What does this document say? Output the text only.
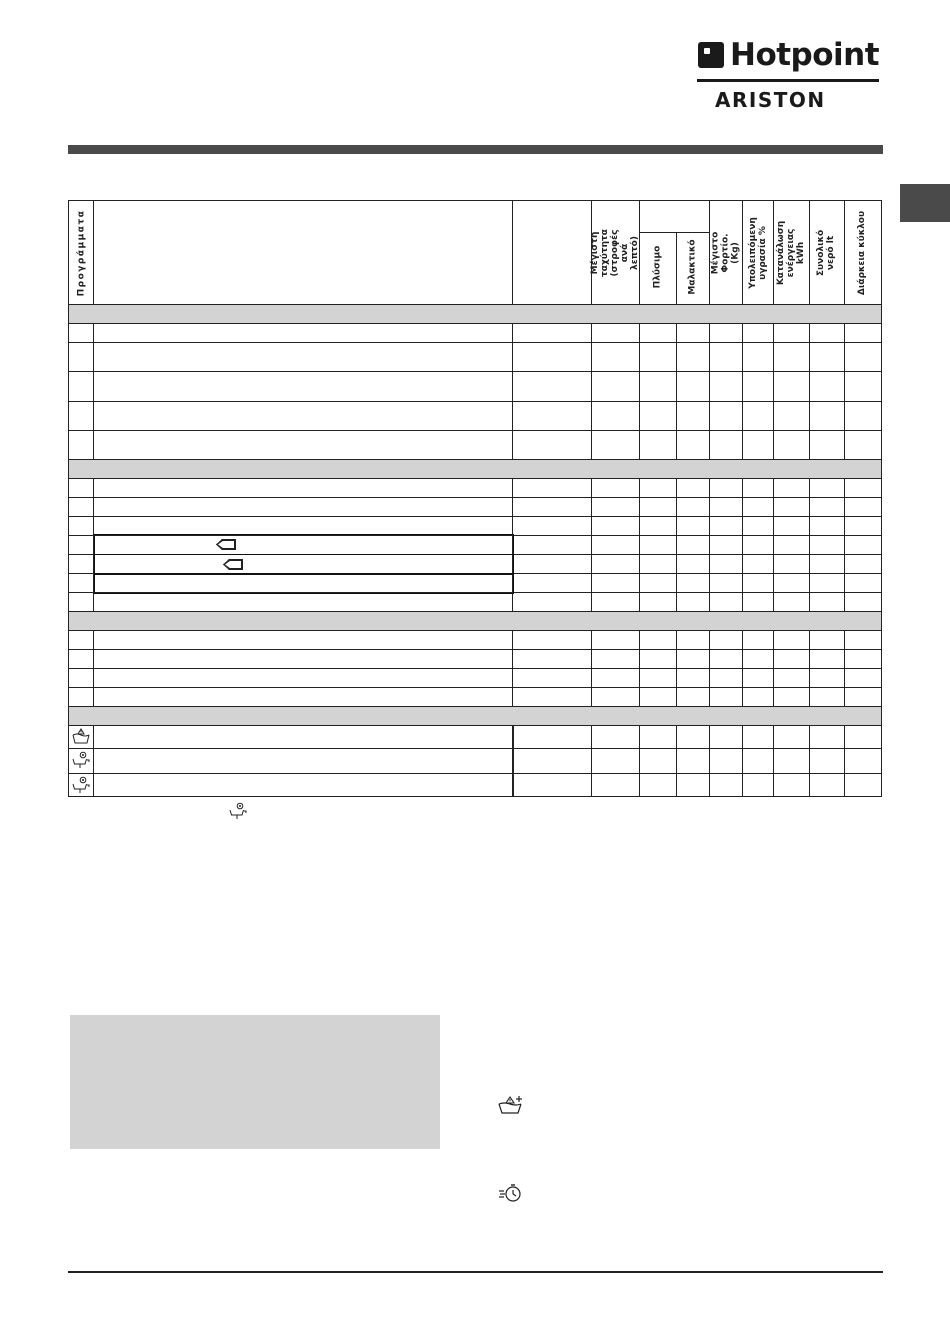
Hotpoint
ARISTON
Προγράμματα	Μέγιστη ταχύτητα (στροφές ανά λεπτό) Πλύσιμο	Μαλακτικό Μέγιστο Φορτίο. (Kg) Υπολειπόμενη υγρασία % Κατανάλωση ενέργειας kWh Συνολικό νερό lt Διάρκεια κύκλου
